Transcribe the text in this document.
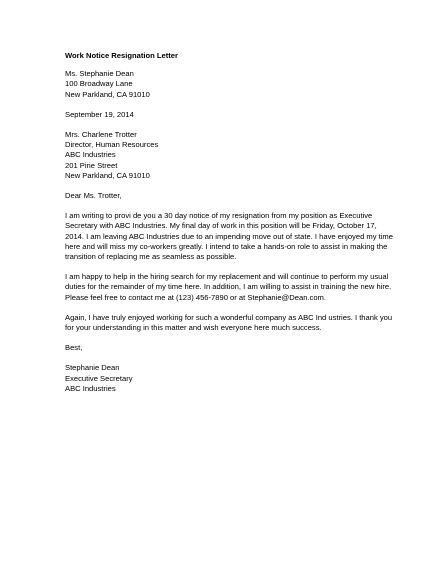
Work Notice Resignation Letter
Ms. Stephanie Dean
100 Broadway Lane
New Parkland, CA 91010
September 19, 2014
Mrs. Charlene Trotter
Director, Human Resources
ABC Industries
201 Pine Street
New Parkland, CA 91010
Dear Ms. Trotter,
I am writing to provi de you a 30 day notice of my resignation from my position as Executive
Secretary with ABC Industries. My final day of work in this position will be Friday, October 17,
2014. I am leaving ABC Industries due to an impending move out of state. I have enjoyed my time
here and will miss my co-workers greatly. I intend to take a hands-on role to assist in making the
transition of replacing me as seamless as possible.
I am happy to help in the hiring search for my replacement and will continue to perform my usual
duties for the remainder of my time here. In addition, I am willing to assist in training the new hire.
Please feel free to contact me at (123) 456-7890 or at Stephanie@Dean.com.
Again, I have truly enjoyed working for such a wonderful company as ABC Ind ustries. I thank you
for your understanding in this matter and wish everyone here much success.
Best,
Stephanie Dean
Executive Secretary
ABC Industries
